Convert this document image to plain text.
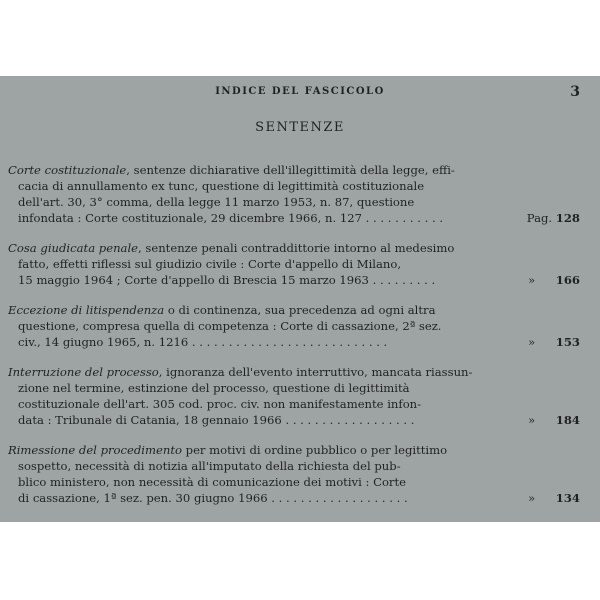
INDICE DEL FASCICOLO	3
SENTENZE
Corte costituzionale, sentenze dichiarative dell'illegittimità della legge, effi-
cacia di annullamento ex tunc, questione di legittimità costituzionale
dell'art. 30, 3° comma, della legge 11 marzo 1953, n. 87, questione
infondata : Corte costituzionale, 29 dicembre 1966, n. 127 . . . . . . . . . . .	Pag. 128
Cosa giudicata penale, sentenze penali contraddittorie intorno al medesimo
fatto, effetti riflessi sul giudizio civile : Corte d'appello di Milano,
15 maggio 1964 ; Corte d'appello di Brescia 15 marzo 1963 . . . . . . . . .	» 166
Eccezione di litispendenza o di continenza, sua precedenza ad ogni altra
questione, compresa quella di competenza : Corte di cassazione, 2ª sez.
civ., 14 giugno 1965, n. 1216 . . . . . . . . . . . . . . . . . . . . . . . . . . .	» 153
Interruzione del processo, ignoranza dell'evento interruttivo, mancata riassun-
zione nel termine, estinzione del processo, questione di legittimità
costituzionale dell'art. 305 cod. proc. civ. non manifestamente infon-
data : Tribunale di Catania, 18 gennaio 1966 . . . . . . . . . . . . . . . . . .	» 184
Rimessione del procedimento per motivi di ordine pubblico o per legittimo
sospetto, necessità di notizia all'imputato della richiesta del pub-
blico ministero, non necessità di comunicazione dei motivi : Corte
di cassazione, 1ª sez. pen. 30 giugno 1966 . . . . . . . . . . . . . . . . . . .	» 134
